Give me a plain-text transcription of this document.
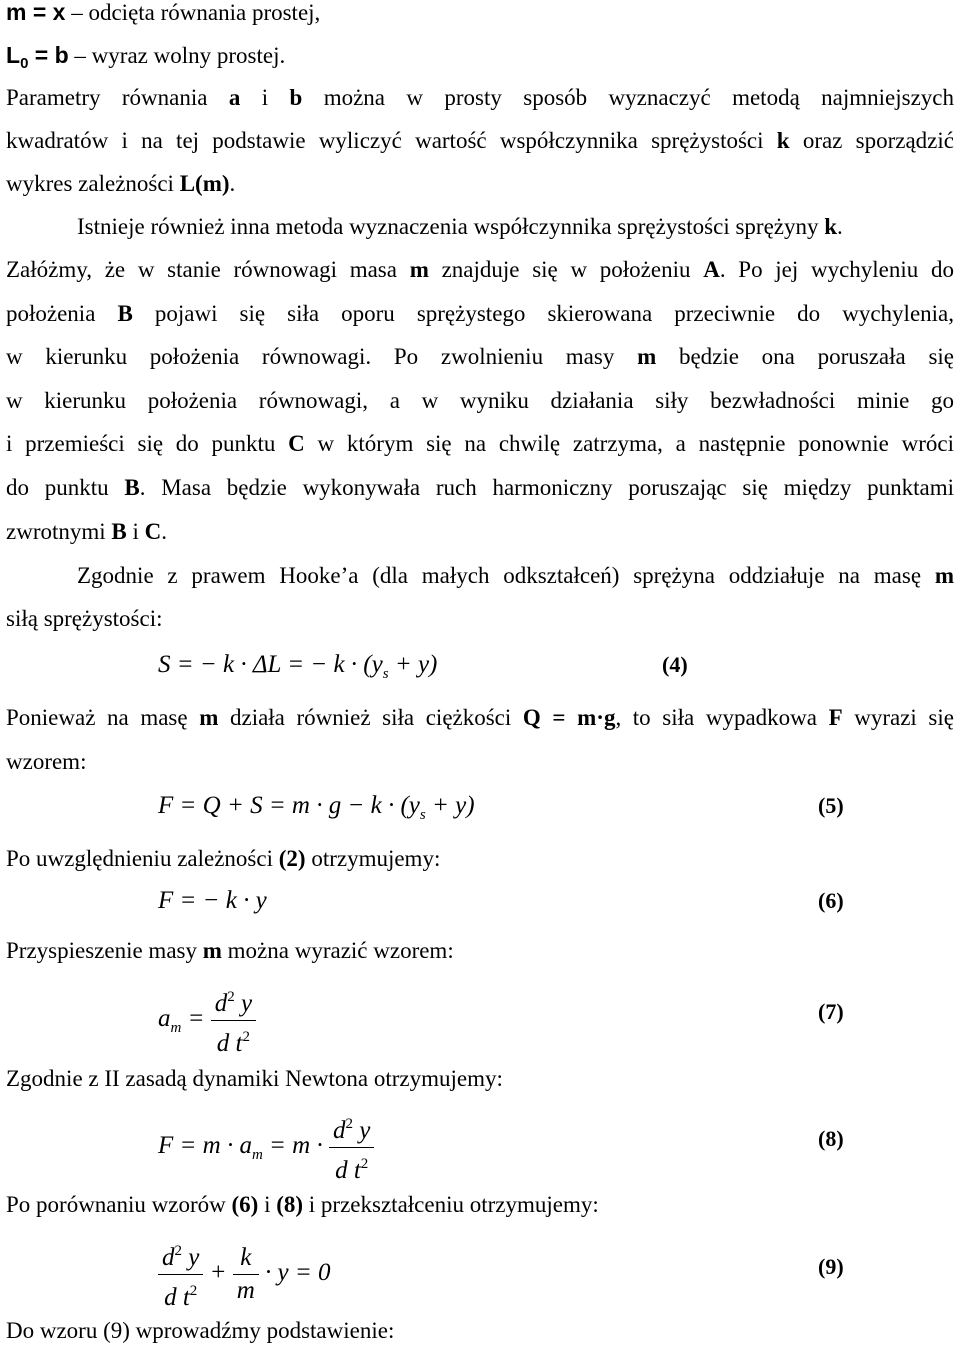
m = x – odcięta równania prostej,
$L_0 = b$ – wyraz wolny prostej.
Parametry równania a i b można w prosty sposób wyznaczyć metodą najmniejszych
kwadratów i na tej podstawie wyliczyć wartość współczynnika sprężystości k oraz sporządzić
wykres zależności L(m).
Istnieje również inna metoda wyznaczenia współczynnika sprężystości sprężyny k.
Załóżmy, że w stanie równowagi masa m znajduje się w położeniu A. Po jej wychyleniu do
położenia B pojawi się siła oporu sprężystego skierowana przeciwnie do wychylenia,
w kierunku położenia równowagi. Po zwolnieniu masy m będzie ona poruszała się
w kierunku położenia równowagi, a w wyniku działania siły bezwładności minie go
i przemieści się do punktu C w którym się na chwilę zatrzyma, a następnie ponownie wróci
do punktu B. Masa będzie wykonywała ruch harmoniczny poruszając się między punktami
zwrotnymi B i C.
Zgodnie z prawem Hooke’a (dla małych odkształceń) sprężyna oddziałuje na masę m
siłą sprężystości:
S = − k · ΔL = − $k \cdot (y_s + y)$	(4)
Ponieważ na masę m działa również siła ciężkości Q = m·g, to siła wypadkowa F wyrazi się
wzorem:
$F = Q + S = m \cdot g - k \cdot (y_s + y)$	(5)
Po uwzględnieniu zależności (2) otrzymujemy:
F = − k · y	(6)
Przyspieszenie masy m można wyrazić wzorem:
$a_m = \frac{d^2 y}{d t^2}$	(7)
Zgodnie z II zasadą dynamiki Newtona otrzymujemy:
$F = m \cdot a_m = m \cdot \frac{d^2 y}{d t^2}$	(8)
Po porównaniu wzorów (6) i (8) i przekształceniu otrzymujemy:
$\frac{d^2 y}{d t^2} + \frac{k}{m} \cdot y = 0$	(9)
Do wzoru (9) wprowadźmy podstawienie:
